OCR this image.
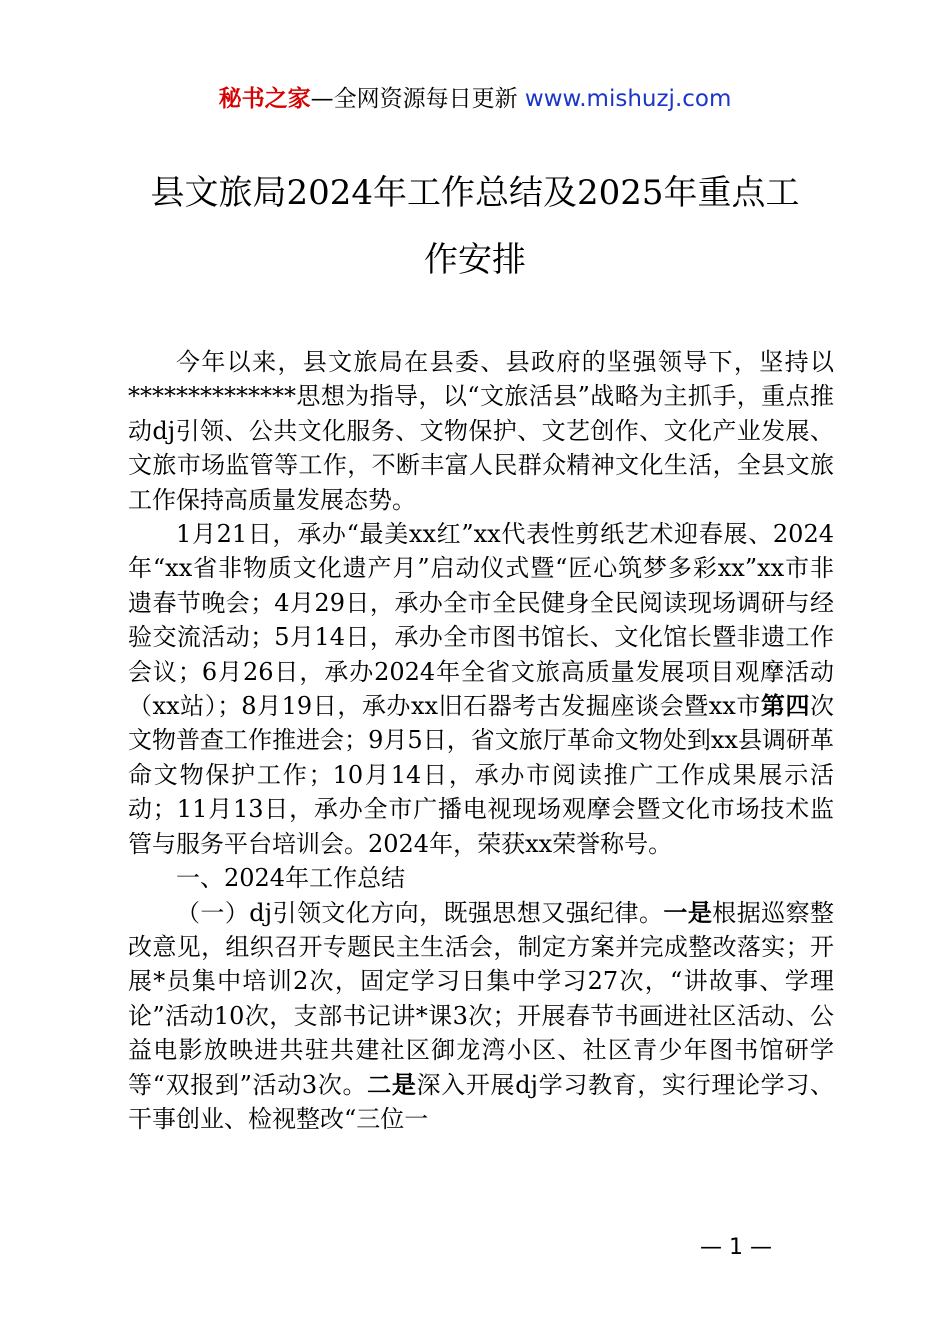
秘书之家—全网资源每日更新 www.mishuzj.com
县文旅局2024年工作总结及2025年重点工
作安排

今年以来，县文旅局在县委、县政府的坚强领导下，坚持以**************思想为指导，以“文旅活县”战略为主抓手，重点推动dj引领、公共文化服务、文物保护、文艺创作、文化产业发展、文旅市场监管等工作，不断丰富人民群众精神文化生活，全县文旅工作保持高质量发展态势。

1月21日，承办“最美xx红”xx代表性剪纸艺术迎春展、2024年“xx省非物质文化遗产月”启动仪式暨“匠心筑梦多彩xx”xx市非遗春节晚会；4月29日，承办全市全民健身全民阅读现场调研与经验交流活动；5月14日，承办全市图书馆长、文化馆长暨非遗工作会议；6月26日，承办2024年全省文旅高质量发展项目观摩活动（xx站）；8月19日，承办xx旧石器考古发掘座谈会暨xx市第四次文物普查工作推进会；9月5日，省文旅厅革命文物处到xx县调研革命文物保护工作；10月14日，承办市阅读推广工作成果展示活动；11月13日，承办全市广播电视现场观摩会暨文化市场技术监管与服务平台培训会。2024年，荣获xx荣誉称号。

一、2024年工作总结

（一）dj引领文化方向，既强思想又强纪律。一是根据巡察整改意见，组织召开专题民主生活会，制定方案并完成整改落实；开展*员集中培训2次，固定学习日集中学习27次，“讲故事、学理论”活动10次，支部书记讲*课3次；开展春节书画进社区活动、公益电影放映进共驻共建社区御龙湾小区、社区青少年图书馆研学等“双报到”活动3次。二是深入开展dj学习教育，实行理论学习、干事创业、检视整改“三位一

— 1 —
